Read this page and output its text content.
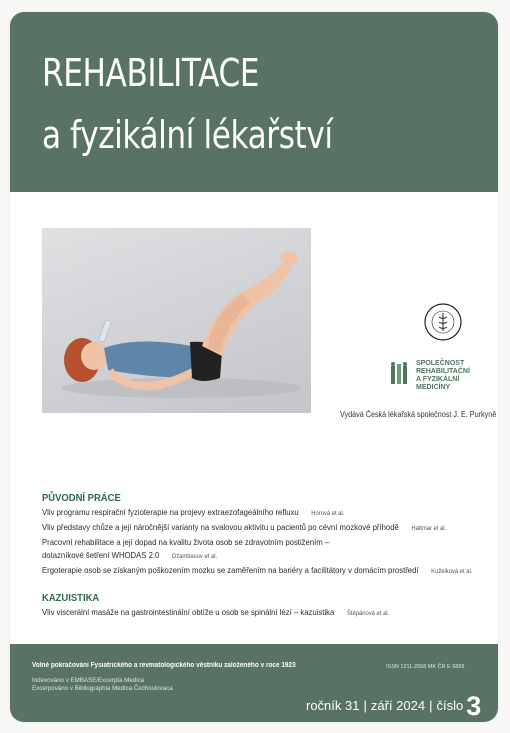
REHABILITACE
a fyzikální lékařství
SPOLEČNOST
REHABILITAČNÍ
A FYZIKÁLNÍ
MEDICÍNY
Vydává Česká lékařská společnost J. E. Purkyně
PŮVODNÍ PRÁCE
Vliv programu respirační fyzioterapie na projevy extraezofageálního refluxu Horová et al.
Vliv představy chůze a její náročnější varianty na svalovou aktivitu u pacientů po cévní mozkové příhodě Haltmar et al.
Pracovní rehabilitace a její dopad na kvalitu života osob se zdravotním postižením –
dotazníkové šetření WHODAS 2.0 Džambasov et al.
Ergoterapie osob se získaným poškozením mozku se zaměřením na bariéry a facilitátory v domácím prostředí Kuželková et al.
KAZUISTIKA
Vliv viscerální masáže na gastrointestinální obtíže u osob se spinální lézí – kazuistika Štěpánová et al.
Volné pokračování Fysiatrického a revmatologického věstníku založeného v roce 1923
Indexováno v EMBASE/Excerpta Medica
Excerpováno v Bibliographia Medica Čechoslovaca
ISSN 1211-2658 MK ČR E 6869
ročník 31 | září 2024 | číslo 3
